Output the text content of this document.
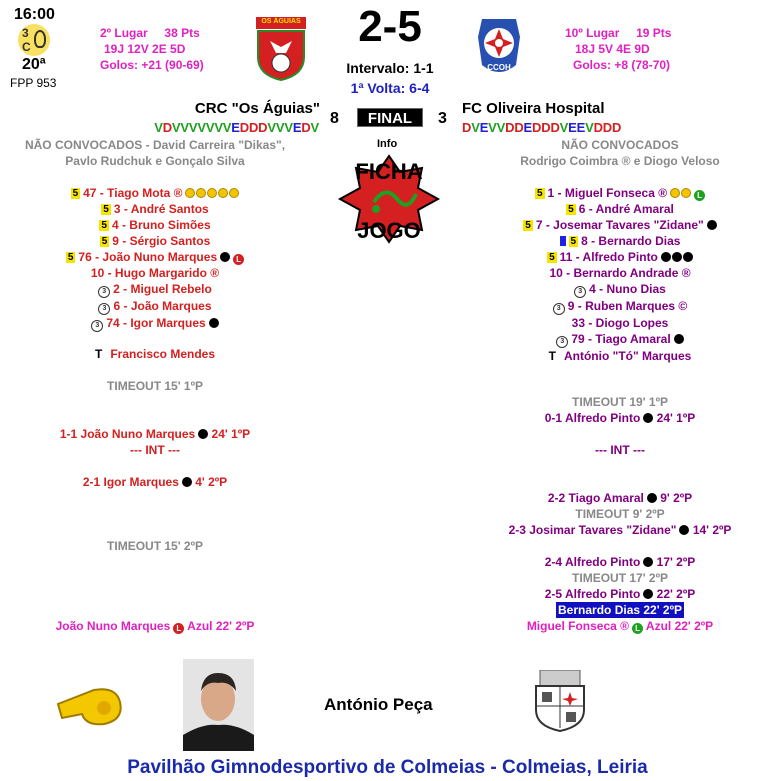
16:00
3
C
20ª
FPP 953
2º Lugar 38 Pts
19J 12V 2E 5D
Golos: +21 (90-69)
OS ÁGUIAS	2-5
Intervalo: 1-1
1ª Volta: 6-4
CCOH
10º Lugar 19 Pts
18J 5V 4E 9D
Golos: +8 (78-70)
CRC "Os Águias"
8	FINAL	3
FC Oliveira Hospital
VDVVVVVVVEDDDVVVEDV	DVEVVDDEDDDVEEVDDD
Info
FICHA
JOGO
NÃO CONVOCADOS - David Carreira "Dikas",
Pavlo Rudchuk e Gonçalo Silva
NÃO CONVOCADOS
Rodrigo Coimbra ® e Diogo Veloso
5 47 - Tiago Mota ®
5 3 - André Santos
5 4 - Bruno Simões
5 9 - Sérgio Santos
5 76 - João Nuno Marques L
10 - Hugo Margarido ®
3 2 - Miguel Rebelo
3 6 - João Marques
3 74 - Igor Marques
T Francisco Mendes
5 1 - Miguel Fonseca ®	L
5 6 - André Amaral
5 7 - Josemar Tavares "Zidane"
5 8 - Bernardo Dias
5 11 - Alfredo Pinto
10 - Bernardo Andrade ®
3 4 - Nuno Dias
3 9 - Ruben Marques ©
33 - Diogo Lopes
3 79 - Tiago Amaral
T António "Tó" Marques
TIMEOUT 15' 1ºP
1-1 João Nuno Marques 24' 1ºP
--- INT ---
2-1 Igor Marques 4' 2ºP
TIMEOUT 15' 2ºP
João Nuno Marques L Azul 22' 2ºP
TIMEOUT 19' 1ºP
0-1 Alfredo Pinto 24' 1ºP
--- INT ---
2-2 Tiago Amaral 9' 2ºP
TIMEOUT 9' 2ºP
2-3 Josimar Tavares "Zidane" 14' 2ºP
2-4 Alfredo Pinto 17' 2ºP
TIMEOUT 17' 2ºP
2-5 Alfredo Pinto 22' 2ºP
Bernardo Dias 22' 2ºP
Miguel Fonseca ® L Azul 22' 2ºP
António Peça
Pavilhão Gimnodesportivo de Colmeias - Colmeias, Leiria
